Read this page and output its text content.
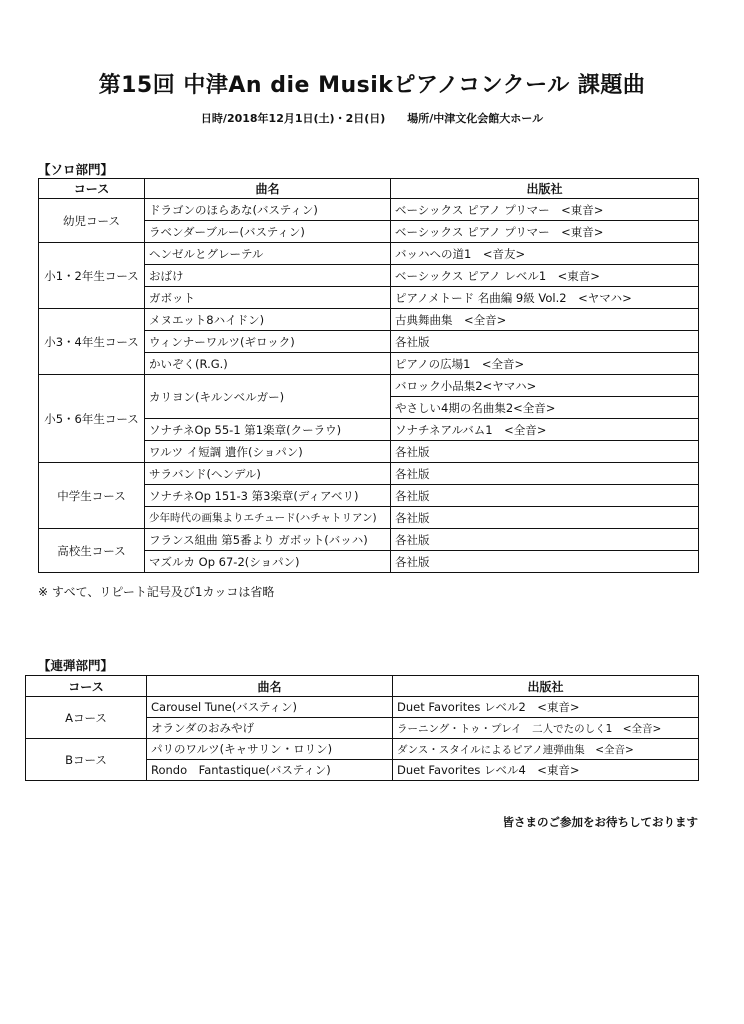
第15回 中津An die Musikピアノコンクール 課題曲
日時/2018年12月1日(土)・2日(日)　　場所/中津文化会館大ホール
【ソロ部門】
コース	曲名	出版社
幼児コース	ドラゴンのほらあな(バスティン)	ベーシックス ピアノ プリマー　<東音>
	ラベンダーブルー(バスティン)	ベーシックス ピアノ プリマー　<東音>
小1・2年生コース	ヘンゼルとグレーテル	バッハへの道1　<音友>
	おばけ	ベーシックス ピアノ レベル1　<東音>
	ガボット	ピアノメトード 名曲編 9級 Vol.2　<ヤマハ>
小3・4年生コース	メヌエット8ハイドン)	古典舞曲集　<全音>
	ウィンナーワルツ(ギロック)	各社版
	かいぞく(R.G.)	ピアノの広場1　<全音>
小5・6年生コース	カリヨン(キルンベルガー)	バロック小品集2<ヤマハ>
		やさしい4期の名曲集2<全音>
	ソナチネOp 55-1 第1楽章(クーラウ)	ソナチネアルバム1　<全音>
	ワルツ イ短調 遺作(ショパン)	各社版
中学生コース	サラバンド(ヘンデル)	各社版
	ソナチネOp 151-3 第3楽章(ディアベリ)	各社版
	少年時代の画集よりエチュード(ハチャトリアン)	各社版
高校生コース	フランス組曲 第5番より ガボット(バッハ)	各社版
	マズルカ Op 67-2(ショパン)	各社版
※ すべて、リピート記号及び1カッコは省略
【連弾部門】
コース	曲名	出版社
Aコース	Carousel Tune(バスティン)	Duet Favorites レベル2　<東音>
	オランダのおみやげ	ラーニング・トゥ・プレイ　二人でたのしく1　<全音>
Bコース	パリのワルツ(キャサリン・ロリン)	ダンス・スタイルによるピアノ連弾曲集　<全音>
	Rondo　Fantastique(バスティン)	Duet Favorites レベル4　<東音>
皆さまのご参加をお待ちしております
